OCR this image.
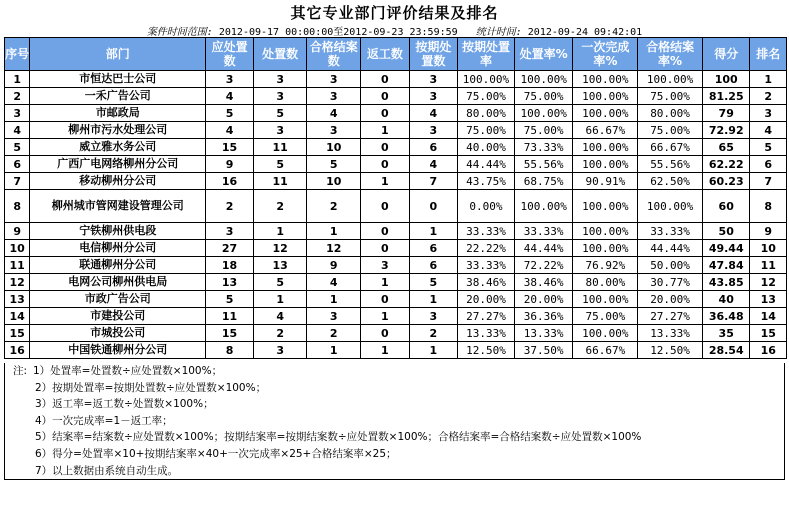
其它专业部门评价结果及排名
案件时间范围: 2012-09-17 00:00:00至2012-09-23 23:59:59 统计时间: 2012-09-24 09:42:01
序号	部门	应处置数	处置数	合格结案数	返工数	按期处置数	按期处置率	处置率%	一次完成率%	合格结案率%	得分	排名
1	市恒达巴士公司	3	3	3	0	3	100.00%	100.00%	100.00%	100.00%	100	1
2	一禾广告公司	4	3	3	0	3	75.00%	75.00%	100.00%	75.00%	81.25	2
3	市邮政局	5	5	4	0	4	80.00%	100.00%	100.00%	80.00%	79	3
4	柳州市污水处理公司	4	3	3	1	3	75.00%	75.00%	66.67%	75.00%	72.92	4
5	威立雅水务公司	15	11	10	0	6	40.00%	73.33%	100.00%	66.67%	65	5
6	广西广电网络柳州分公司	9	5	5	0	4	44.44%	55.56%	100.00%	55.56%	62.22	6
7	移动柳州分公司	16	11	10	1	7	43.75%	68.75%	90.91%	62.50%	60.23	7
8	柳州城市管网建设管理公司	2	2	2	0	0	0.00%	100.00%	100.00%	100.00%	60	8
9	宁铁柳州供电段	3	1	1	0	1	33.33%	33.33%	100.00%	33.33%	50	9
10	电信柳州分公司	27	12	12	0	6	22.22%	44.44%	100.00%	44.44%	49.44	10
11	联通柳州分公司	18	13	9	3	6	33.33%	72.22%	76.92%	50.00%	47.84	11
12	电网公司柳州供电局	13	5	4	1	5	38.46%	38.46%	80.00%	30.77%	43.85	12
13	市政广告公司	5	1	1	0	1	20.00%	20.00%	100.00%	20.00%	40	13
14	市建投公司	11	4	3	1	3	27.27%	36.36%	75.00%	27.27%	36.48	14
15	市城投公司	15	2	2	0	2	13.33%	13.33%	100.00%	13.33%	35	15
16	中国铁通柳州分公司	8	3	1	1	1	12.50%	37.50%	66.67%	12.50%	28.54	16
注: 1）处置率=处置数÷应处置数×100%；
2）按期处置率=按期处置数÷应处置数×100%；
3）返工率=返工数÷处置数×100%；
4）一次完成率=1－返工率；
5）结案率=结案数÷应处置数×100%；按期结案率=按期结案数÷应处置数×100%；合格结案率=合格结案数÷应处置数×100%
6）得分=处置率×10+按期结案率×40+一次完成率×25+合格结案率×25；
7）以上数据由系统自动生成。
